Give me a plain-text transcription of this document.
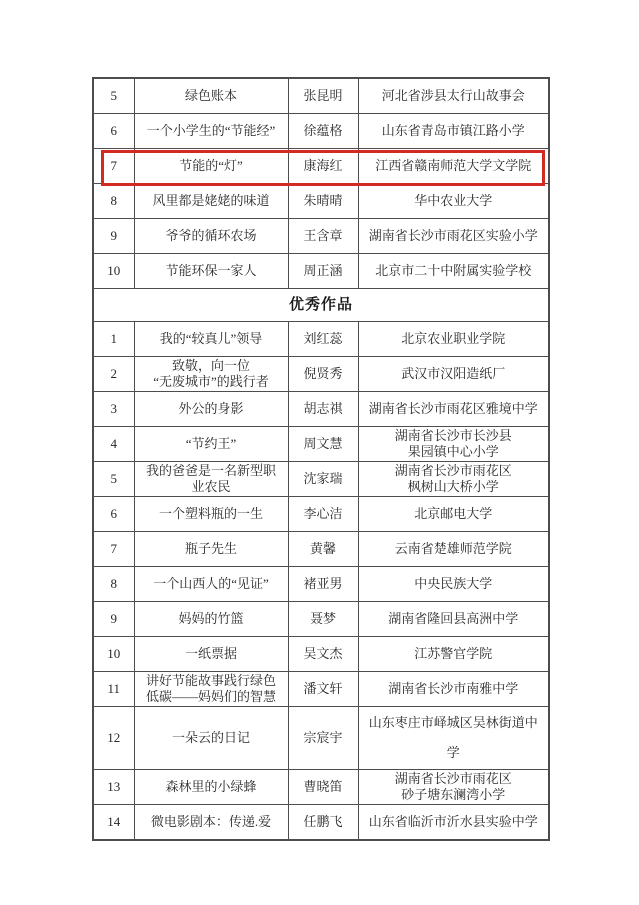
5	绿色账本	张昆明	河北省涉县太行山故事会
6	一个小学生的“节能经”	徐蕴格	山东省青岛市镇江路小学
7	节能的“灯”	康海红	江西省赣南师范大学文学院
8	风里都是姥姥的味道	朱晴晴	华中农业大学
9	爷爷的循环农场	王含章	湖南省长沙市雨花区实验小学
10	节能环保一家人	周正涵	北京市二十中附属实验学校
优秀作品			
1	我的“较真儿”领导	刘红蕊	北京农业职业学院
2	致敬，向一位
“无废城市”的践行者	倪贤秀	武汉市汉阳造纸厂
3	外公的身影	胡志祺	湖南省长沙市雨花区雅境中学
4	“节约王”	周文慧	湖南省长沙市长沙县
果园镇中心小学
5	我的爸爸是一名新型职
业农民	沈家瑞	湖南省长沙市雨花区
枫树山大桥小学
6	一个塑料瓶的一生	李心洁	北京邮电大学
7	瓶子先生	黄馨	云南省楚雄师范学院
8	一个山西人的“见证”	褚亚男	中央民族大学
9	妈妈的竹篮	聂梦	湖南省隆回县高洲中学
10	一纸票据	吴文杰	江苏警官学院
11	讲好节能故事践行绿色
低碳——妈妈们的智慧	潘文轩	湖南省长沙市南雅中学
12	一朵云的日记	宗宸宇	山东枣庄市峄城区吴林街道中
学
13	森林里的小绿蜂	曹晓笛	湖南省长沙市雨花区
砂子塘东澜湾小学
14	微电影剧本：传递.爱	任鹏飞	山东省临沂市沂水县实验中学
